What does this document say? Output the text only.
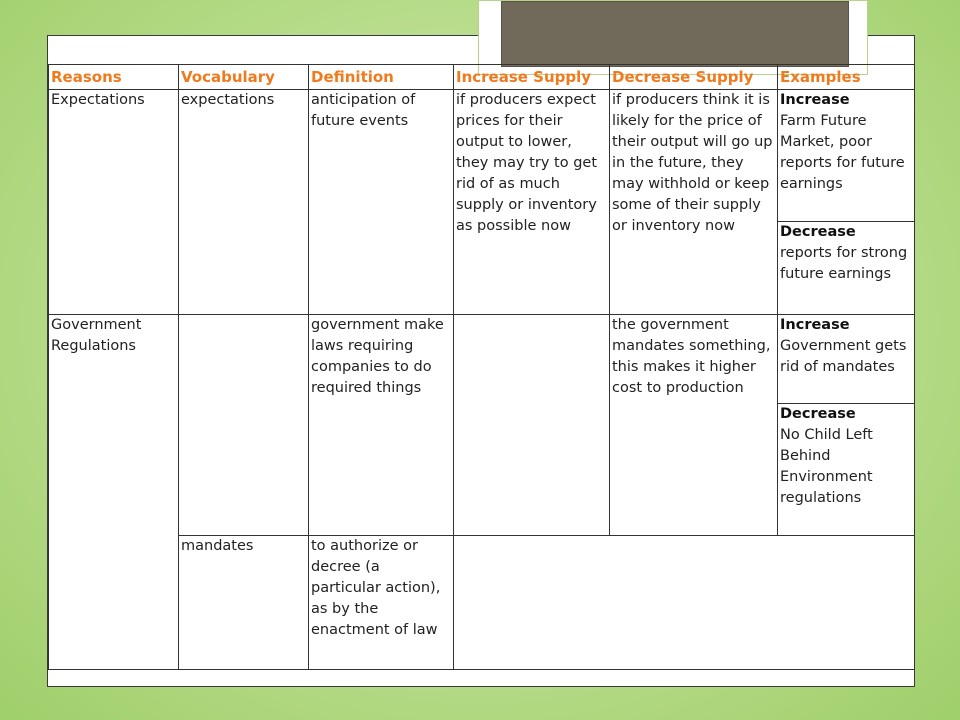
Reasons	Vocabulary	Definition	Increase Supply	Decrease Supply	Examples
Expectations	expectations	anticipation of future events	if producers expect prices for their output to lower, they may try to get rid of as much supply or inventory as possible now	if producers think it is likely for the price of their output will go up in the future, they may withhold or keep some of their supply or inventory now	Increase
Farm Future Market, poor reports for future earnings

					Decrease
reports for strong future earnings

Government Regulations		government make laws requiring companies to do required things		the government mandates something, this makes it higher cost to production	Increase
Government gets rid of mandates

					Decrease
No Child Left Behind Environment regulations

	mandates	to authorize or decree (a particular action), as by the enactment of law			
